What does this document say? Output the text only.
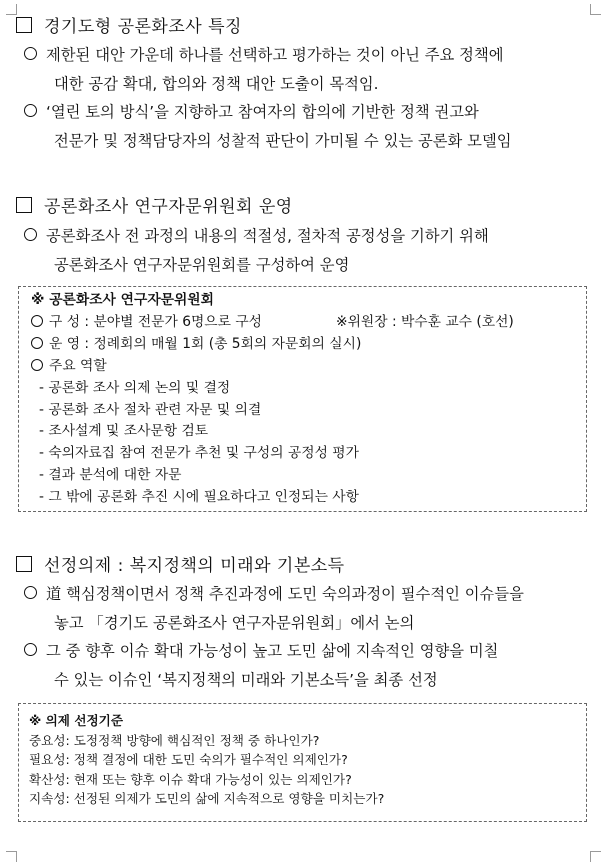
경기도형 공론화조사 특징
제한된 대안 가운데 하나를 선택하고 평가하는 것이 아닌 주요 정책에
대한 공감 확대, 합의와 정책 대안 도출이 목적임.
‘열린 토의 방식’을 지향하고 참여자의 합의에 기반한 정책 권고와
전문가 및 정책담당자의 성찰적 판단이 가미될 수 있는 공론화 모델임
공론화조사 연구자문위원회 운영
공론화조사 전 과정의 내용의 적절성, 절차적 공정성을 기하기 위해
공론화조사 연구자문위원회를 구성하여 운영
※ 공론화조사 연구자문위원회
구 성 : 분야별 전문가 6명으로 구성	※위원장 : 박수훈 교수 (호선)
운 영 : 정례회의 매월 1회 (총 5회의 자문회의 실시)
주요 역할
- 공론화 조사 의제 논의 및 결정
- 공론화 조사 절차 관련 자문 및 의결
- 조사설계 및 조사문항 검토
- 숙의자료집 참여 전문가 추천 및 구성의 공정성 평가
- 결과 분석에 대한 자문
- 그 밖에 공론화 추진 시에 필요하다고 인정되는 사항
선정의제 : 복지정책의 미래와 기본소득
道 핵심정책이면서 정책 추진과정에 도민 숙의과정이 필수적인 이슈들을
놓고 「경기도 공론화조사 연구자문위원회」에서 논의
그 중 향후 이슈 확대 가능성이 높고 도민 삶에 지속적인 영향을 미칠
수 있는 이슈인 ‘복지정책의 미래와 기본소득’을 최종 선정
※ 의제 선정기준
중요성: 도정정책 방향에 핵심적인 정책 중 하나인가?
필요성: 정책 결정에 대한 도민 숙의가 필수적인 의제인가?
확산성: 현재 또는 향후 이슈 확대 가능성이 있는 의제인가?
지속성: 선정된 의제가 도민의 삶에 지속적으로 영향을 미치는가?
